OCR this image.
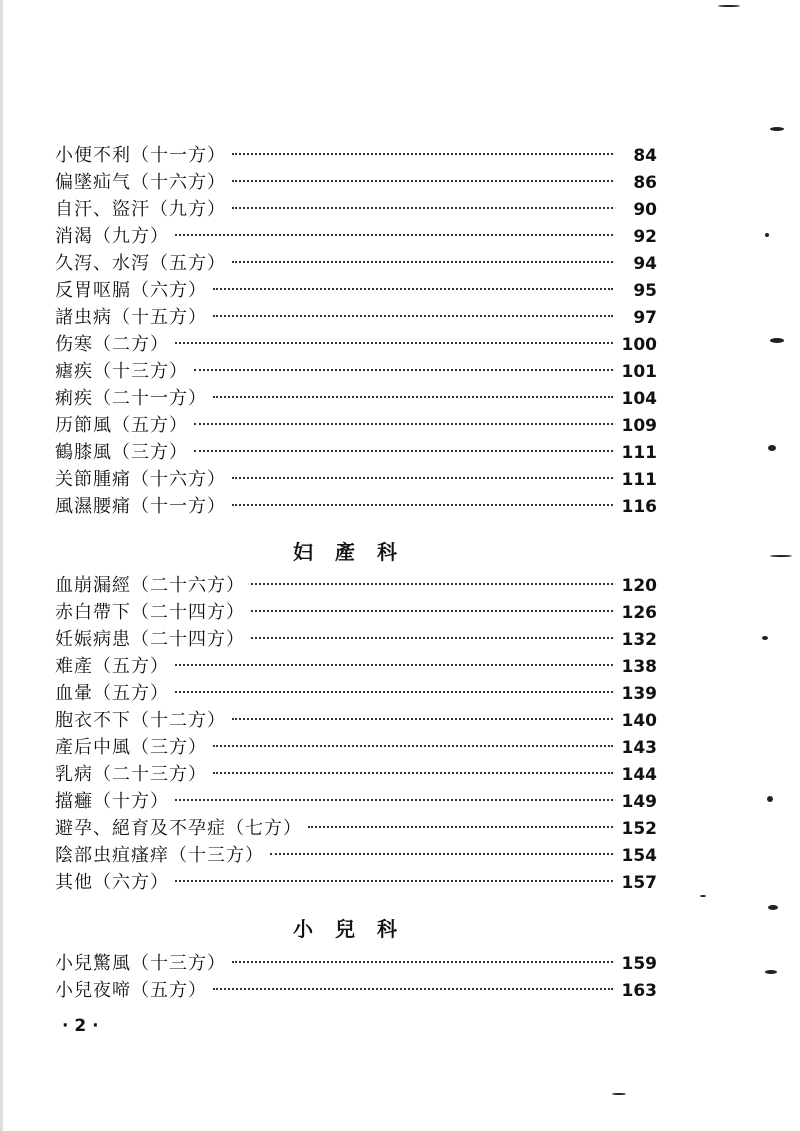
小便不利（十一方）	84
偏墜疝气（十六方）	86
自汗、盜汗（九方）	90
消渴（九方）	92
久泻、水泻（五方）	94
反胃呕膈（六方）	95
諸虫病（十五方）	97
伤寒（二方）	100
瘧疾（十三方）	101
痢疾（二十一方）	104
历節風（五方）	109
鶴膝風（三方）	111
关節腫痛（十六方）	111
風濕腰痛（十一方）	116
妇產科
血崩漏經（二十六方）	120
赤白帶下（二十四方）	126
妊娠病患（二十四方）	132
难產（五方）	138
血暈（五方）	139
胞衣不下（十二方）	140
產后中風（三方）	143
乳病（二十三方）	144
擋癰（十方）	149
避孕、絕育及不孕症（七方）	152
陰部虫疽瘙痒（十三方）	154
其他（六方）	157
小兒科
小兒驚風（十三方）	159
小兒夜啼（五方）	163
· 2 ·
